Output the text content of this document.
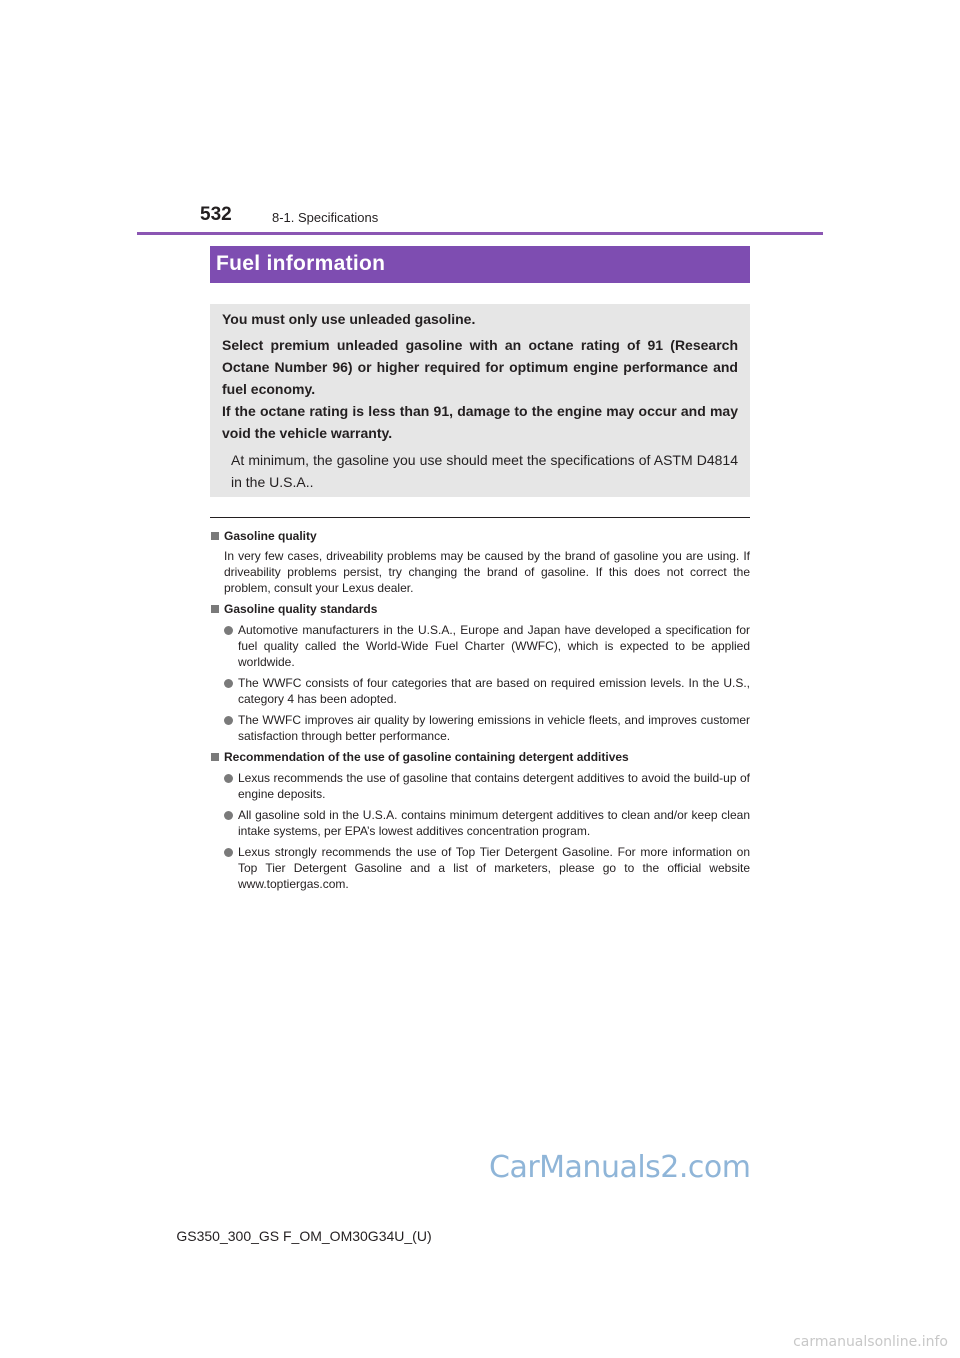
532	8-1. Specifications
Fuel information

You must only use unleaded gasoline.

Select premium unleaded gasoline with an octane rating of 91 (Research Octane Number 96) or higher required for optimum engine performance and fuel economy.

If the octane rating is less than 91, damage to the engine may occur and may void the vehicle warranty.

At minimum, the gasoline you use should meet the specifications of ASTM D4814 in the U.S.A..

Gasoline quality
In very few cases, driveability problems may be caused by the brand of gasoline you are using. If driveability problems persist, try changing the brand of gasoline. If this does not correct the problem, consult your Lexus dealer.
Gasoline quality standards
Automotive manufacturers in the U.S.A., Europe and Japan have developed a specification for fuel quality called the World-Wide Fuel Charter (WWFC), which is expected to be applied worldwide.
The WWFC consists of four categories that are based on required emission levels. In the U.S., category 4 has been adopted.
The WWFC improves air quality by lowering emissions in vehicle fleets, and improves customer satisfaction through better performance.
Recommendation of the use of gasoline containing detergent additives
Lexus recommends the use of gasoline that contains detergent additives to avoid the build-up of engine deposits.
All gasoline sold in the U.S.A. contains minimum detergent additives to clean and/or keep clean intake systems, per EPA’s lowest additives concentration program.
Lexus strongly recommends the use of Top Tier Detergent Gasoline. For more information on Top Tier Detergent Gasoline and a list of marketers, please go to the official website www.toptiergas.com.
CarManuals2.com
GS350_300_GS F_OM_OM30G34U_(U)
carmanualsonline.info
